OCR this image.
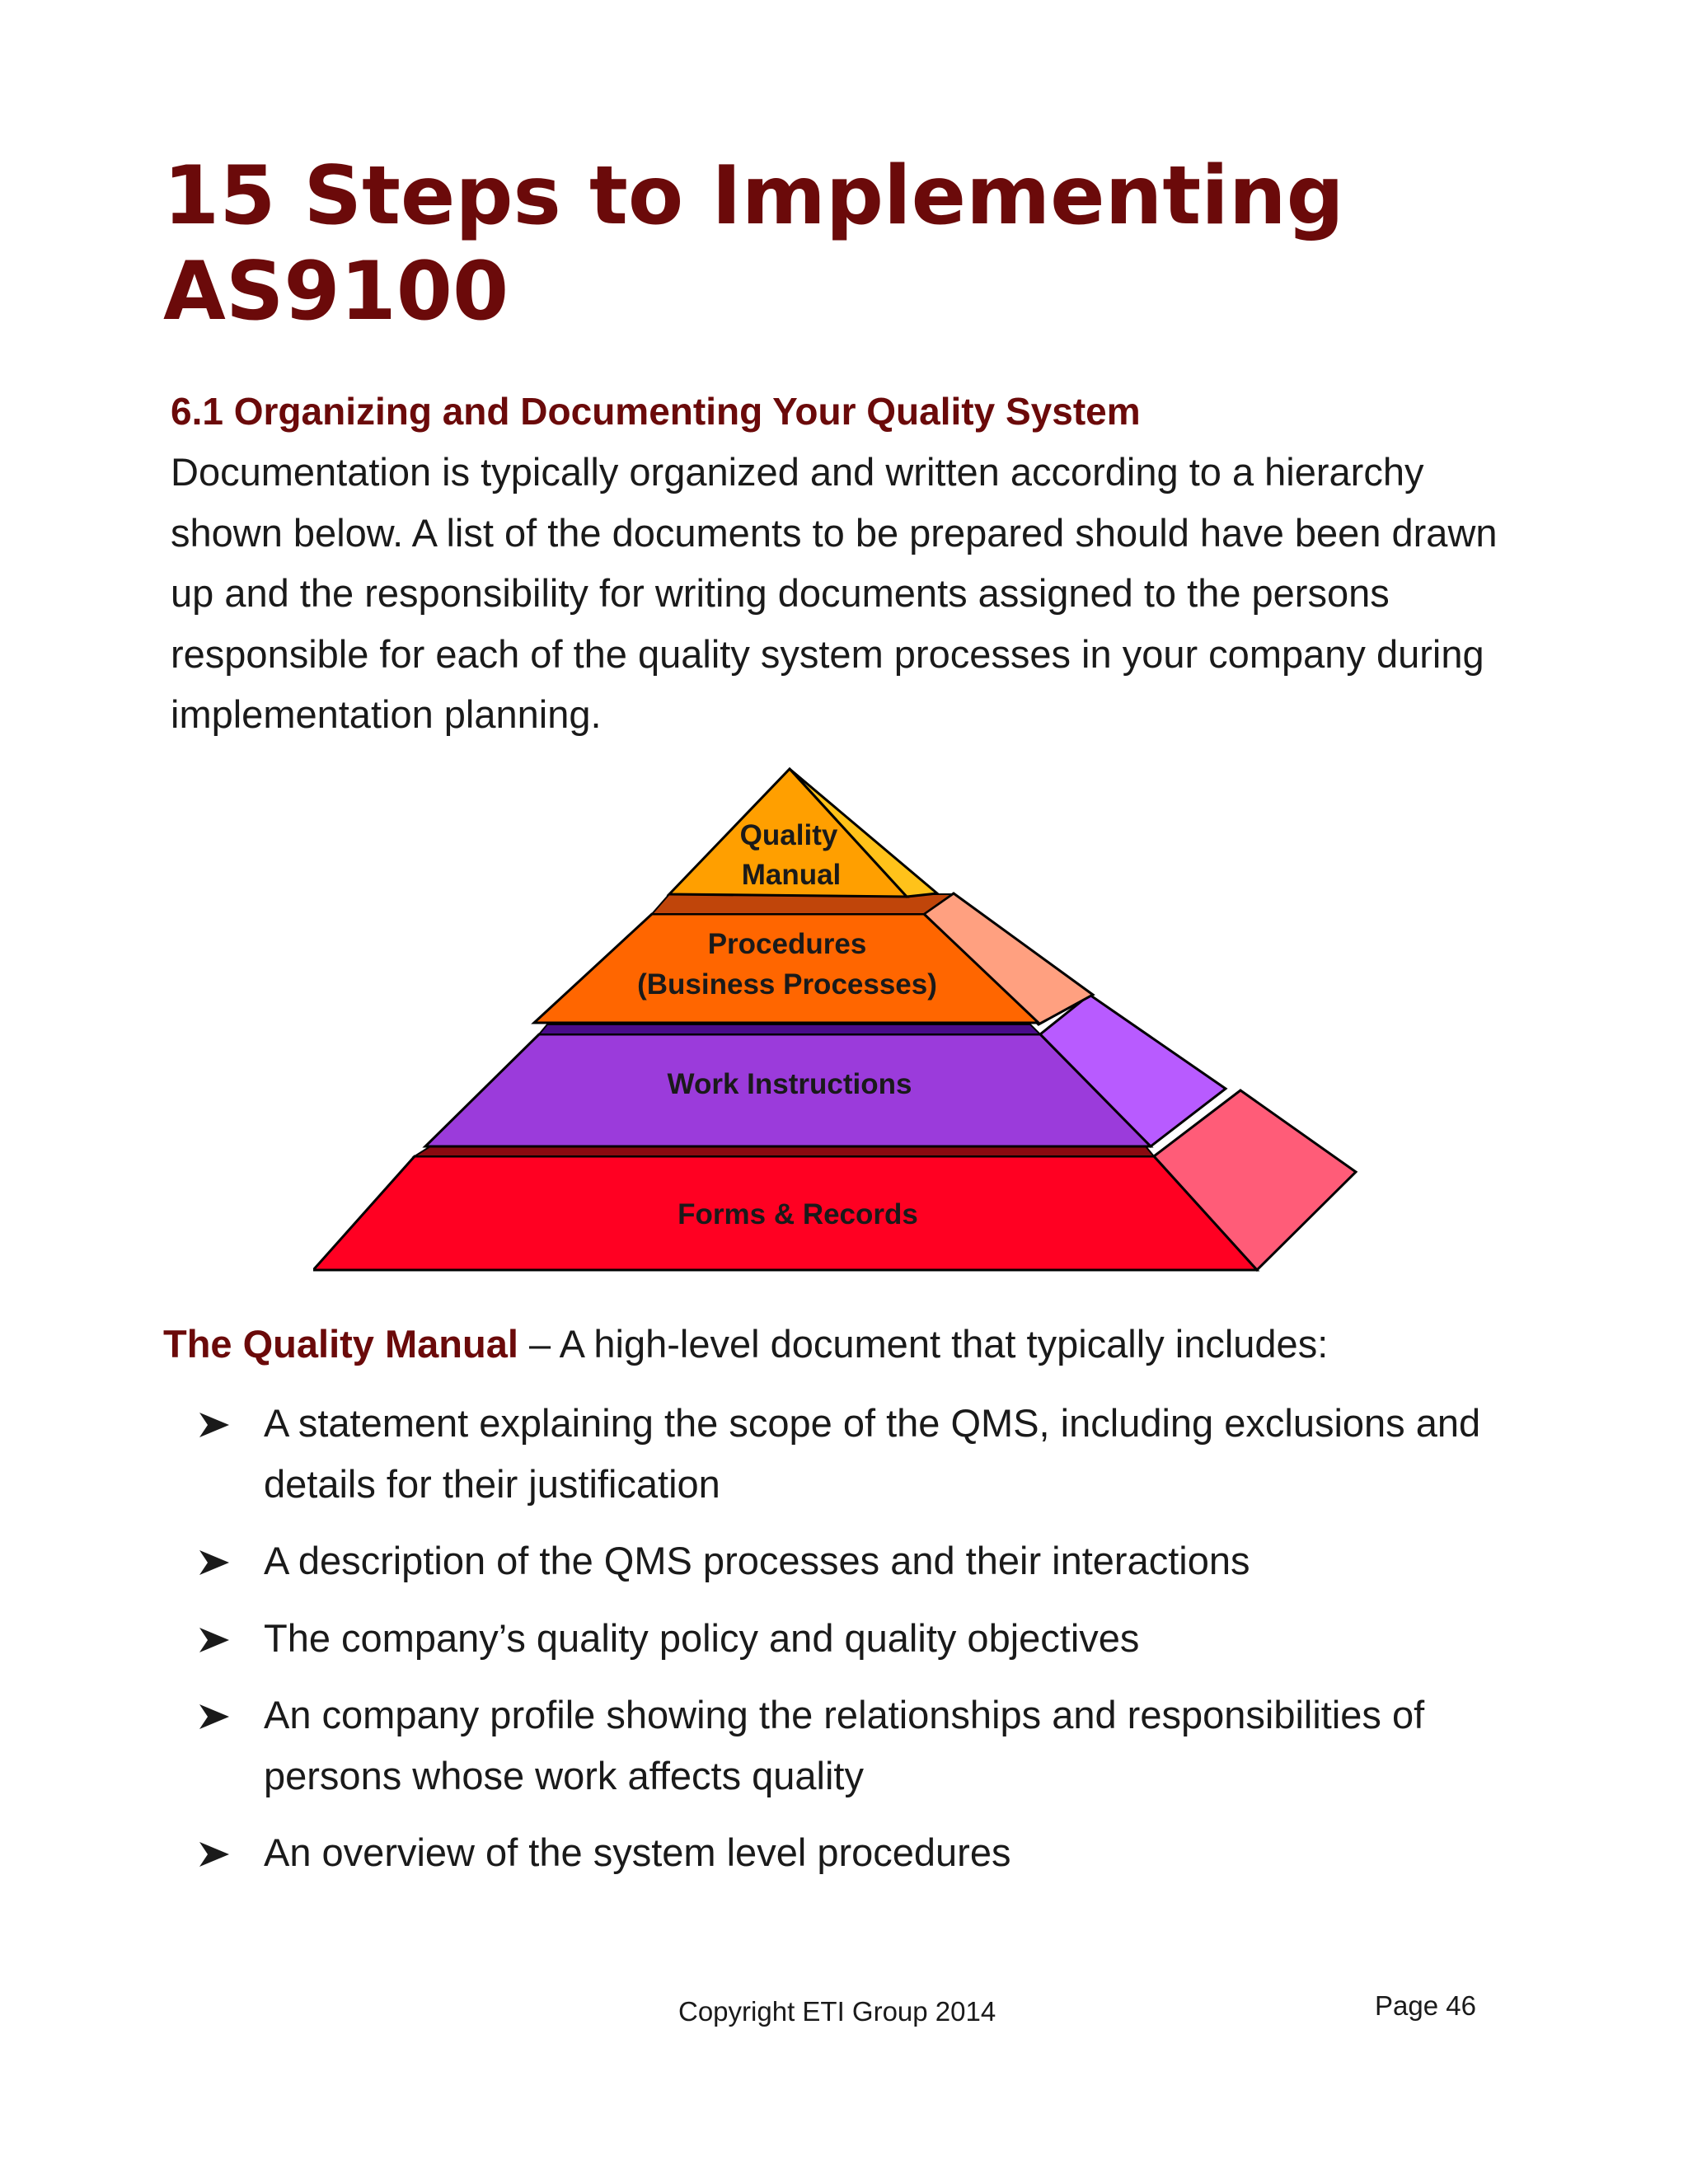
15 Steps to Implementing
AS9100
6.1 Organizing and Documenting Your Quality System

Documentation is typically organized and written according to a hierarchy shown below. A list of the documents to be prepared should have been drawn up and the responsibility for writing documents assigned to the persons responsible for each of the quality system processes in your company during implementation planning.

Forms & Records
Work Instructions
Procedures
(Business Processes)
Quality
Manual

The Quality Manual – A high-level document that typically includes:

A statement explaining the scope of the QMS, including exclusions and details for their justification
A description of the QMS processes and their interactions
The company’s quality policy and quality objectives
An company profile showing the relationships and responsibilities of persons whose work affects quality
An overview of the system level procedures

Copyright ETI Group 2014	Page 46
